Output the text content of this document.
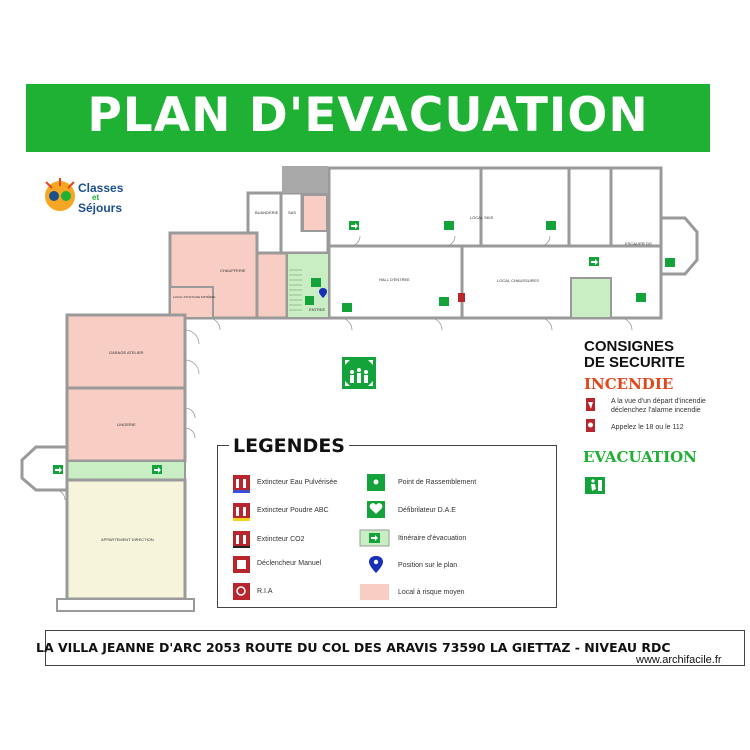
PLAN D'EVACUATION
Classes
et
Séjours
CHAUFFERIE
LOCAL STOCKAGE MATÉRIEL
GARAGE ATELIER
LINGERIE
APPARTEMENT DIRECTION
HALL D'ENTREE	LOCAL CHAUSSURES
LOCAL SKIS
ESCALIER DG
SAS
ENTREE
BUANDERIE
CONSIGNES
DE SECURITE
INCENDIE
A la vue d'un départ d'incendie
déclenchez l'alarme incendie
Appelez le 18 ou le 112
EVACUATION
LEGENDES
Extincteur Eau Pulvérisée
Extincteur Poudre ABC
Extincteur CO2
Déclencheur Manuel
R.I.A
Point de Rassemblement
Défibrilateur D.A.E
Itinéraire d'évacuation
Position sur le plan
Local à risque moyen
LA VILLA JEANNE D'ARC 2053 ROUTE DU COL DES ARAVIS 73590 LA GIETTAZ - NIVEAU RDC
www.archifacile.fr
